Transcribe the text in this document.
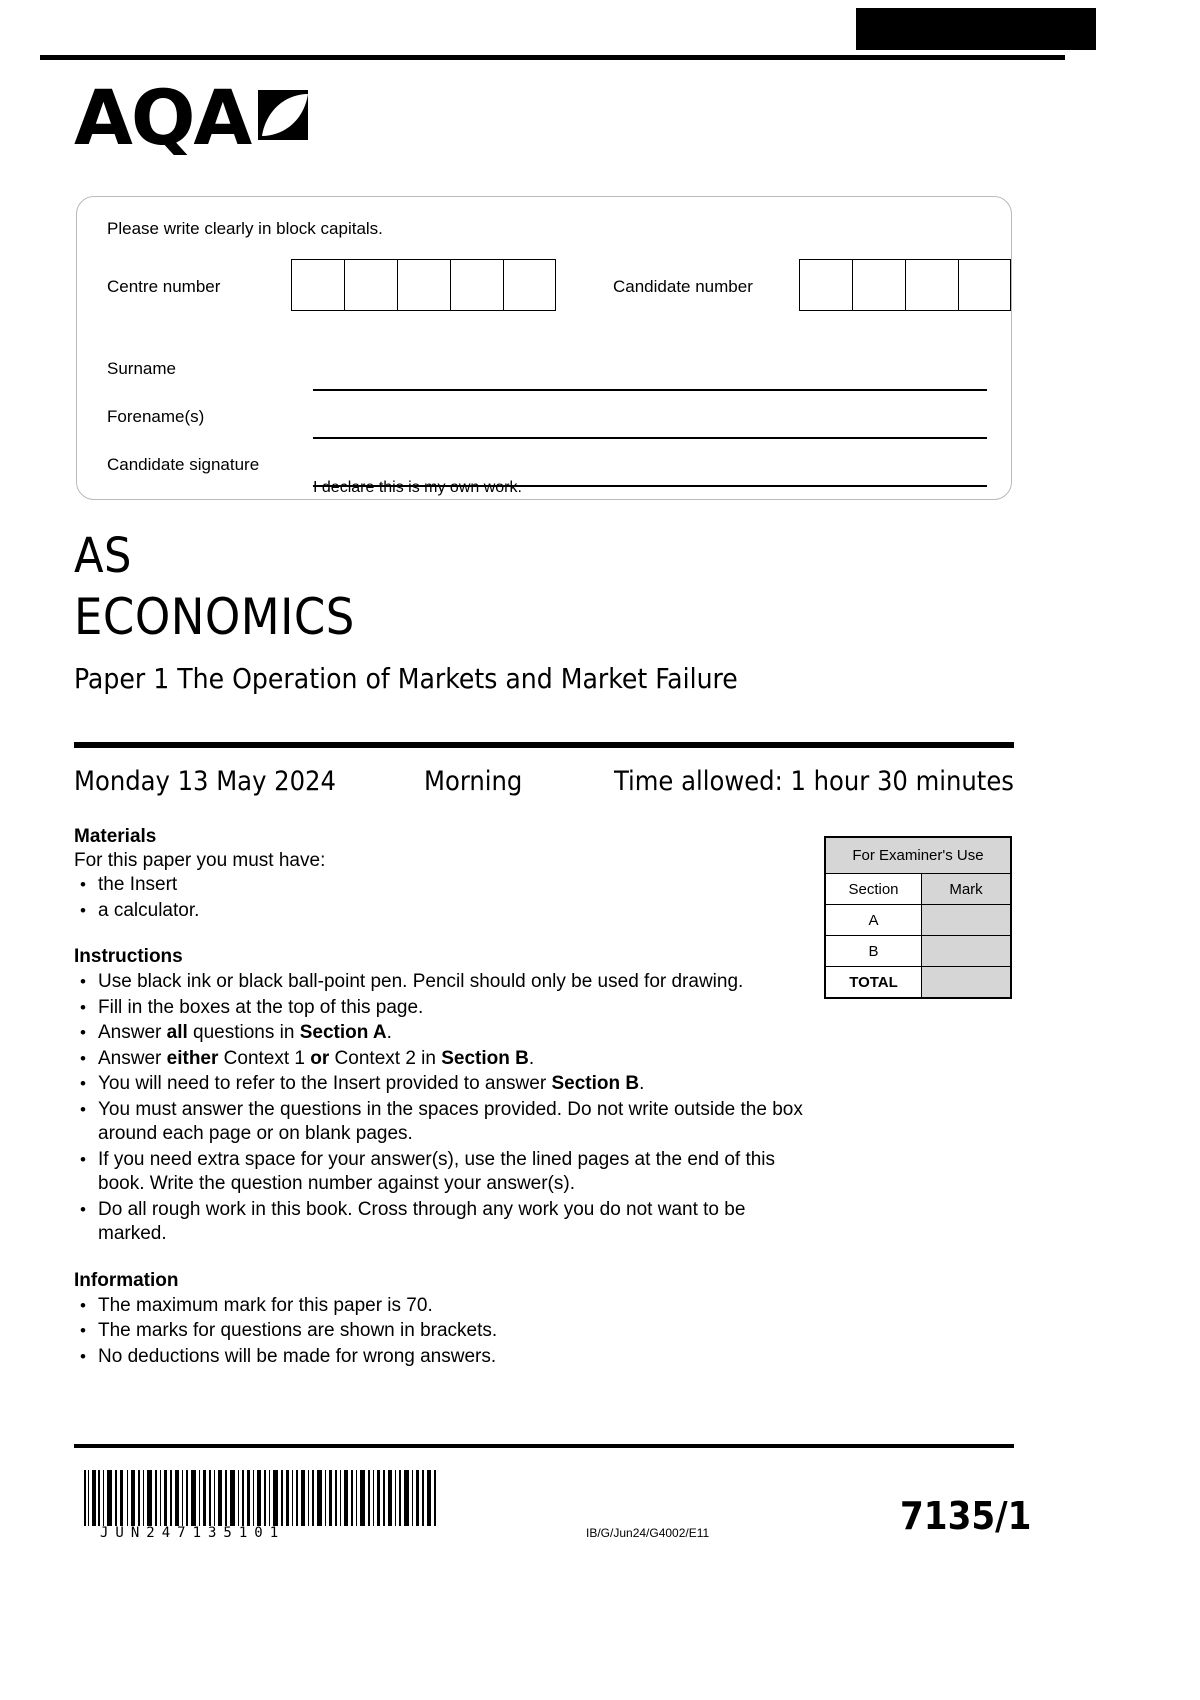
AQA
Please write clearly in block capitals.
Centre number	Candidate number
Surname
Forename(s)
Candidate signature
I declare this is my own work.
AS
ECONOMICS
Paper 1 The Operation of Markets and Market Failure
Monday 13 May 2024	Morning	Time allowed: 1 hour 30 minutes
Materials
For this paper you must have:
• the Insert
• a calculator.
Instructions
• Use black ink or black ball-point pen. Pencil should only be used for drawing.
• Fill in the boxes at the top of this page.
• Answer all questions in Section A.
• Answer either Context 1 or Context 2 in Section B.
• You will need to refer to the Insert provided to answer Section B.
• You must answer the questions in the spaces provided. Do not write outside the box around each page or on blank pages.
• If you need extra space for your answer(s), use the lined pages at the end of this book. Write the question number against your answer(s).
• Do all rough work in this book. Cross through any work you do not want to be marked.
Information
• The maximum mark for this paper is 70.
• The marks for questions are shown in brackets.
• No deductions will be made for wrong answers.
For Examiner's Use	
Section	Mark
A	
B	
TOTAL	
JUN247135101	IB/G/Jun24/G4002/E11	7135/1
